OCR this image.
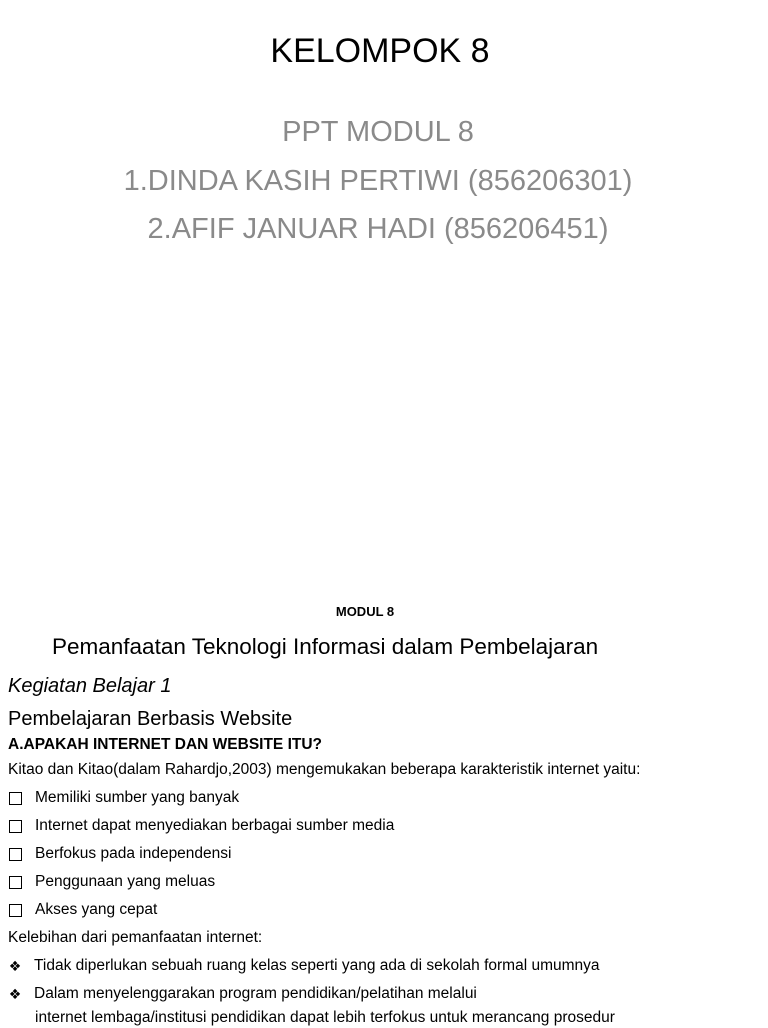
KELOMPOK 8
PPT MODUL 8
1.DINDA KASIH PERTIWI (856206301)
2.AFIF JANUAR HADI (856206451)
MODUL 8
Pemanfaatan Teknologi Informasi dalam Pembelajaran
Kegiatan Belajar 1
Pembelajaran Berbasis Website
A.APAKAH INTERNET DAN WEBSITE ITU?
Kitao dan Kitao(dalam Rahardjo,2003) mengemukakan beberapa karakteristik internet yaitu:
Memiliki sumber yang banyak
Internet dapat menyediakan berbagai sumber media
Berfokus pada independensi
Penggunaan yang meluas
Akses yang cepat
Kelebihan dari pemanfaatan internet:
❖ Tidak diperlukan sebuah ruang kelas seperti yang ada di sekolah formal umumnya
❖ Dalam menyelenggarakan program pendidikan/pelatihan melalui
internet lembaga/institusi pendidikan dapat lebih terfokus untuk merancang prosedur
